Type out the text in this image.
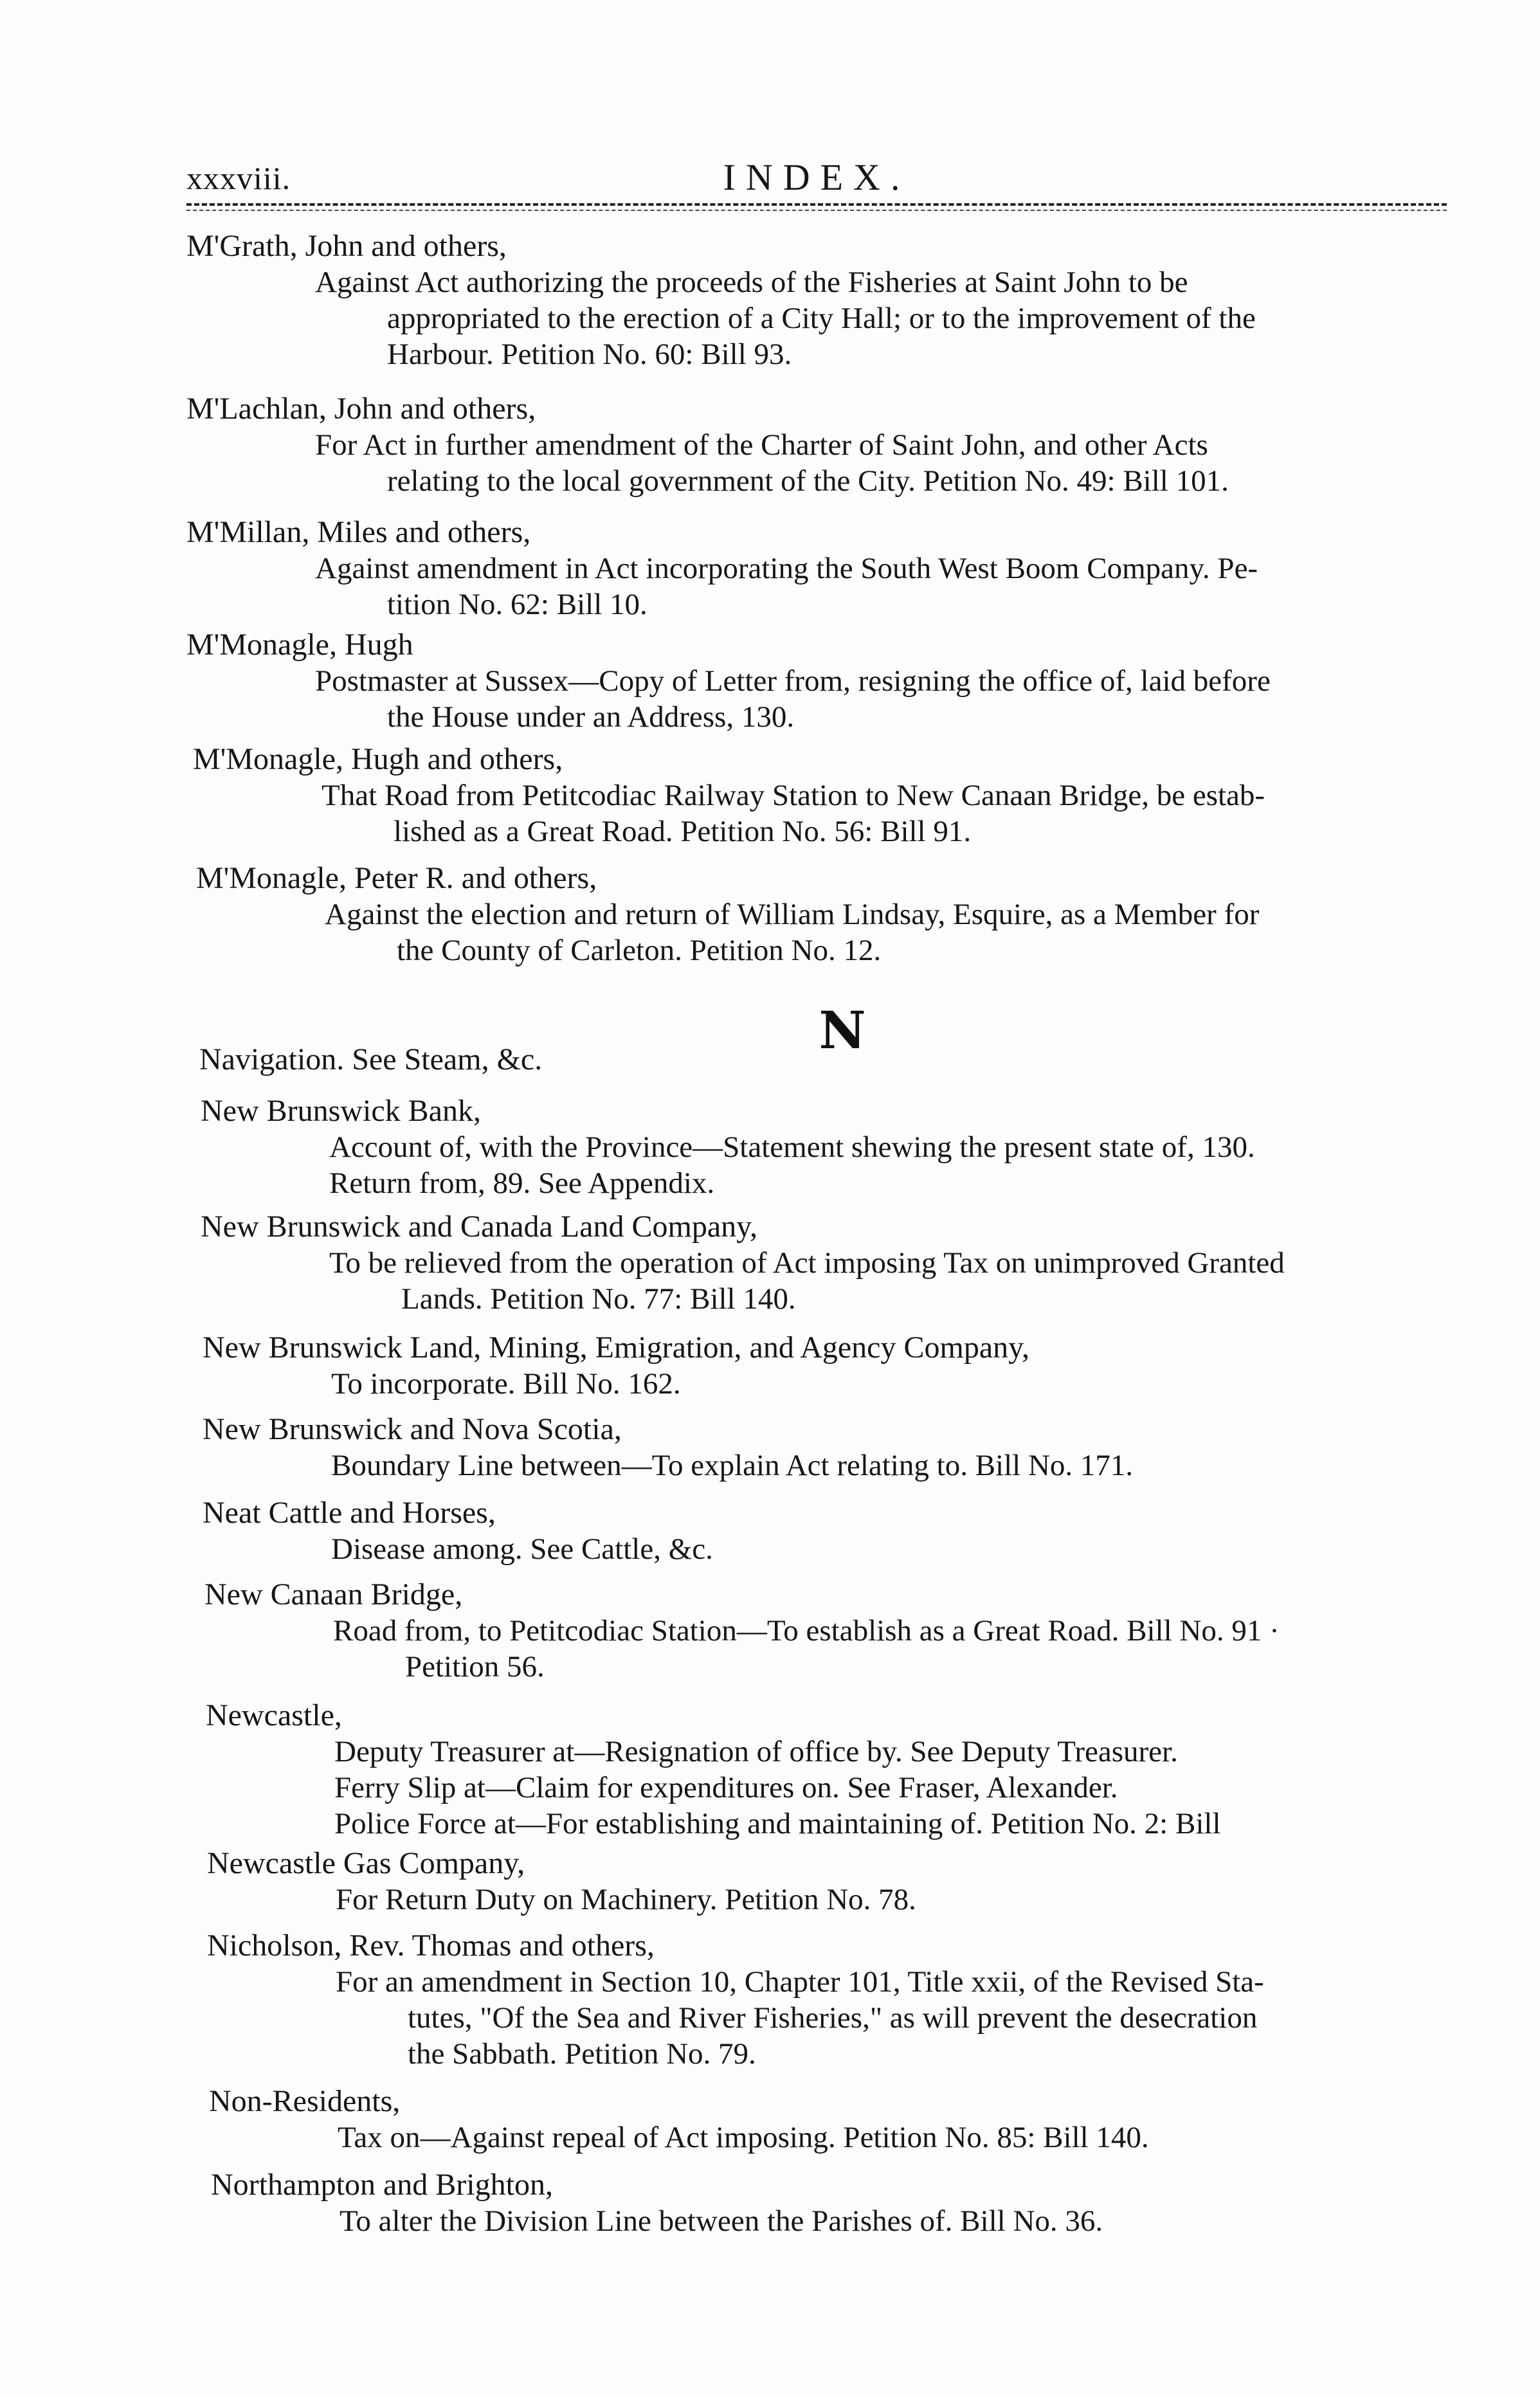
xxxviii.	INDEX.
M'Grath, John and others,
Against Act authorizing the proceeds of the Fisheries at Saint John to be
appropriated to the erection of a City Hall; or to the improvement of the
Harbour. Petition No. 60: Bill 93.
M'Lachlan, John and others,
For Act in further amendment of the Charter of Saint John, and other Acts
relating to the local government of the City. Petition No. 49: Bill 101.
M'Millan, Miles and others,
Against amendment in Act incorporating the South West Boom Company. Pe-
tition No. 62: Bill 10.
M'Monagle, Hugh
Postmaster at Sussex—Copy of Letter from, resigning the office of, laid before
the House under an Address, 130.
M'Monagle, Hugh and others,
That Road from Petitcodiac Railway Station to New Canaan Bridge, be estab-
lished as a Great Road. Petition No. 56: Bill 91.
M'Monagle, Peter R. and others,
Against the election and return of William Lindsay, Esquire, as a Member for
the County of Carleton. Petition No. 12.
N
Navigation. See Steam, &c.
New Brunswick Bank,
Account of, with the Province—Statement shewing the present state of, 130.
Return from, 89. See Appendix.
New Brunswick and Canada Land Company,
To be relieved from the operation of Act imposing Tax on unimproved Granted
Lands. Petition No. 77: Bill 140.
New Brunswick Land, Mining, Emigration, and Agency Company,
To incorporate. Bill No. 162.
New Brunswick and Nova Scotia,
Boundary Line between—To explain Act relating to. Bill No. 171.
Neat Cattle and Horses,
Disease among. See Cattle, &c.
New Canaan Bridge,
Road from, to Petitcodiac Station—To establish as a Great Road. Bill No. 91 ·
Petition 56.
Newcastle,
Deputy Treasurer at—Resignation of office by. See Deputy Treasurer.
Ferry Slip at—Claim for expenditures on. See Fraser, Alexander.
Police Force at—For establishing and maintaining of. Petition No. 2: Bill
Newcastle Gas Company,
For Return Duty on Machinery. Petition No. 78.
Nicholson, Rev. Thomas and others,
For an amendment in Section 10, Chapter 101, Title xxii, of the Revised Sta-
tutes, "Of the Sea and River Fisheries," as will prevent the desecration
the Sabbath. Petition No. 79.
Non-Residents,
Tax on—Against repeal of Act imposing. Petition No. 85: Bill 140.
Northampton and Brighton,
To alter the Division Line between the Parishes of. Bill No. 36.
